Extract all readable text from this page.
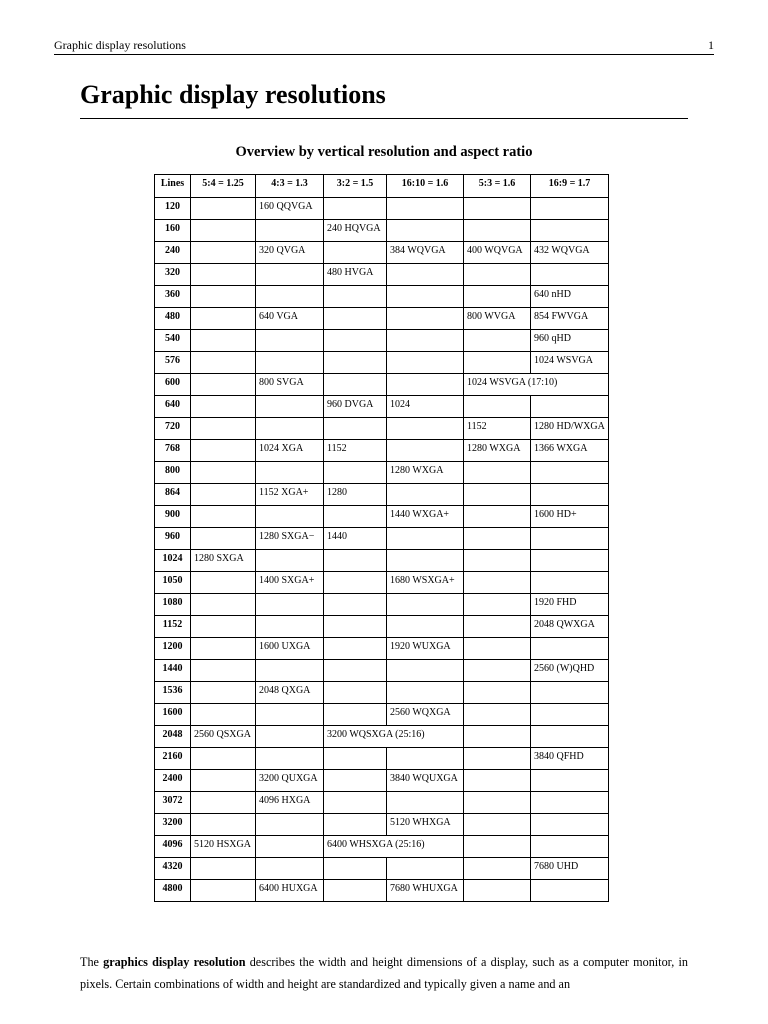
Graphic display resolutions	1
Graphic display resolutions
Overview by vertical resolution and aspect ratio
Lines	5:4 = 1.25	4:3 = 1.3	3:2 = 1.5	16:10 = 1.6	5:3 = 1.6	16:9 = 1.7
120		160 QQVGA				
160			240 HQVGA			
240		320 QVGA		384 WQVGA	400 WQVGA	432 WQVGA
320			480 HVGA			
360						640 nHD
480		640 VGA			800 WVGA	854 FWVGA
540						960 qHD
576						1024 WSVGA
600		800 SVGA			1024 WSVGA (17:10)	
640			960 DVGA	1024		
720					1152	1280 HD/WXGA
768		1024 XGA	1152		1280 WXGA	1366 WXGA
800				1280 WXGA		
864		1152 XGA+	1280			
900				1440 WXGA+		1600 HD+
960		1280 SXGA−	1440			
1024	1280 SXGA					
1050		1400 SXGA+		1680 WSXGA+		
1080						1920 FHD
1152						2048 QWXGA
1200		1600 UXGA		1920 WUXGA		
1440						2560 (W)QHD
1536		2048 QXGA				
1600				2560 WQXGA		
2048	2560 QSXGA		3200 WQSXGA (25:16)			
2160						3840 QFHD
2400		3200 QUXGA		3840 WQUXGA		
3072		4096 HXGA				
3200				5120 WHXGA		
4096	5120 HSXGA		6400 WHSXGA (25:16)			
4320						7680 UHD
4800		6400 HUXGA		7680 WHUXGA		

The graphics display resolution describes the width and height dimensions of a display, such as a computer monitor, in pixels. Certain combinations of width and height are standardized and typically given a name and an
